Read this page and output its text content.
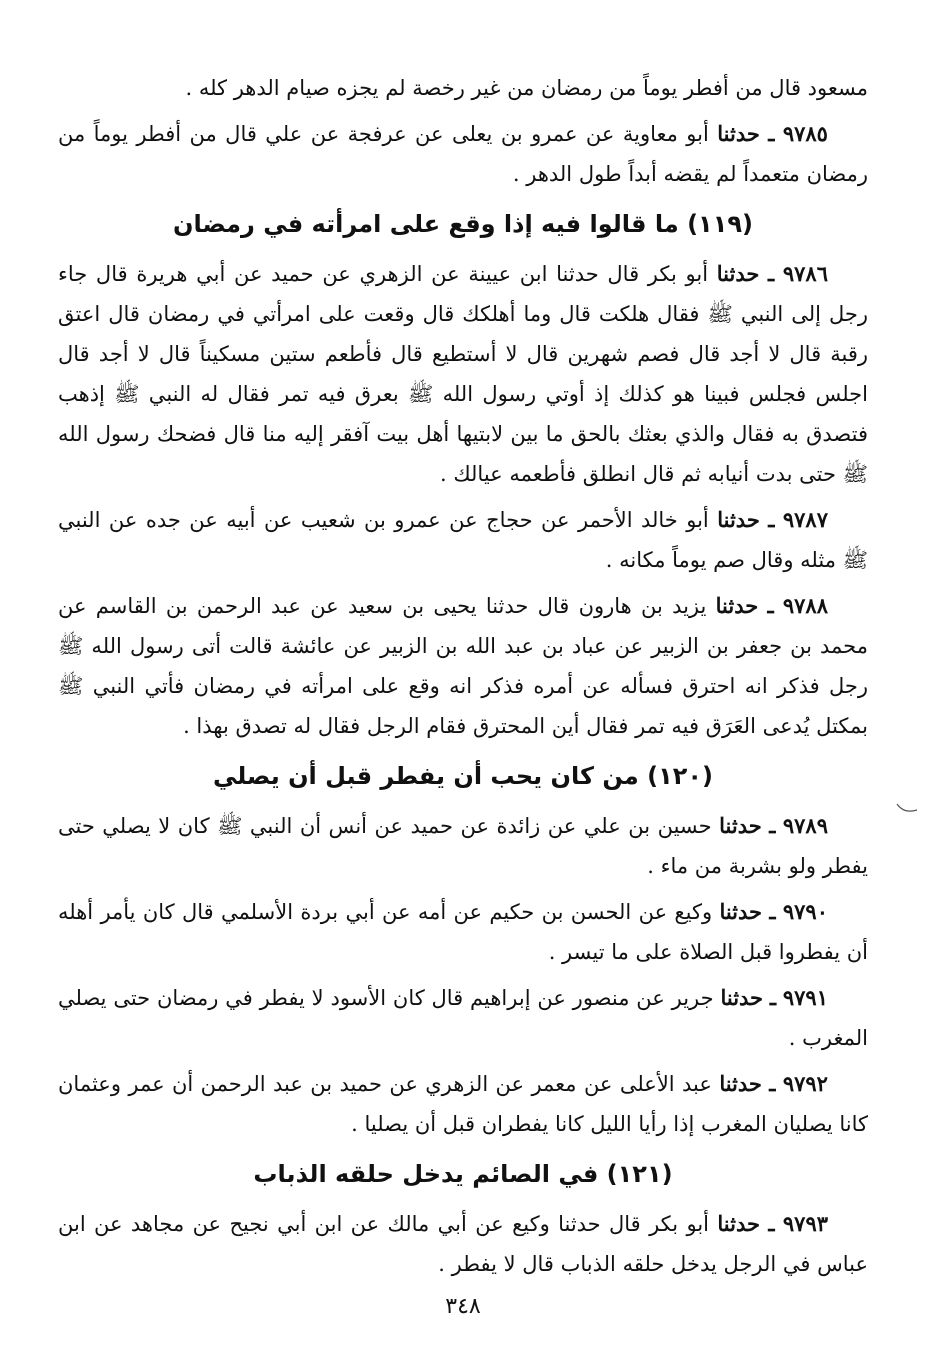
مسعود قال من أفطر يوماً من رمضان من غير رخصة لم يجزه صيام الدهر كله .

٩٧٨٥ ـ حدثنا أبو معاوية عن عمرو بن يعلى عن عرفجة عن علي قال من أفطر يوماً من رمضان متعمداً لم يقضه أبداً طول الدهر .

(١١٩) ما قالوا فيه إذا وقع على امرأته في رمضان

٩٧٨٦ ـ حدثنا أبو بكر قال حدثنا ابن عيينة عن الزهري عن حميد عن أبي هريرة قال جاء رجل إلى النبي ﷺ فقال هلكت قال وما أهلكك قال وقعت على امرأتي في رمضان قال اعتق رقبة قال لا أجد قال فصم شهرين قال لا أستطيع قال فأطعم ستين مسكيناً قال لا أجد قال اجلس فجلس فبينا هو كذلك إذ أوتي رسول الله ﷺ بعرق فيه تمر فقال له النبي ﷺ إذهب فتصدق به فقال والذي بعثك بالحق ما بين لابتيها أهل بيت آفقر إليه منا قال فضحك رسول الله ﷺ حتى بدت أنيابه ثم قال انطلق فأطعمه عيالك .

٩٧٨٧ ـ حدثنا أبو خالد الأحمر عن حجاج عن عمرو بن شعيب عن أبيه عن جده عن النبي ﷺ مثله وقال صم يوماً مكانه .

٩٧٨٨ ـ حدثنا يزيد بن هارون قال حدثنا يحيى بن سعيد عن عبد الرحمن بن القاسم عن محمد بن جعفر بن الزبير عن عباد بن عبد الله بن الزبير عن عائشة قالت أتى رسول الله ﷺ رجل فذكر انه احترق فسأله عن أمره فذكر انه وقع على امرأته في رمضان فأتي النبي ﷺ بمكتل يُدعى العَرَق فيه تمر فقال أين المحترق فقام الرجل فقال له تصدق بهذا .

(١٢٠) من كان يحب أن يفطر قبل أن يصلي

٩٧٨٩ ـ حدثنا حسين بن علي عن زائدة عن حميد عن أنس أن النبي ﷺ كان لا يصلي حتى يفطر ولو بشربة من ماء .

٩٧٩٠ ـ حدثنا وكيع عن الحسن بن حكيم عن أمه عن أبي بردة الأسلمي قال كان يأمر أهله أن يفطروا قبل الصلاة على ما تيسر .

٩٧٩١ ـ حدثنا جرير عن منصور عن إبراهيم قال كان الأسود لا يفطر في رمضان حتى يصلي المغرب .

٩٧٩٢ ـ حدثنا عبد الأعلى عن معمر عن الزهري عن حميد بن عبد الرحمن أن عمر وعثمان كانا يصليان المغرب إذا رأيا الليل كانا يفطران قبل أن يصليا .

(١٢١) في الصائم يدخل حلقه الذباب

٩٧٩٣ ـ حدثنا أبو بكر قال حدثنا وكيع عن أبي مالك عن ابن أبي نجيح عن مجاهد عن ابن عباس في الرجل يدخل حلقه الذباب قال لا يفطر .

٣٤٨
